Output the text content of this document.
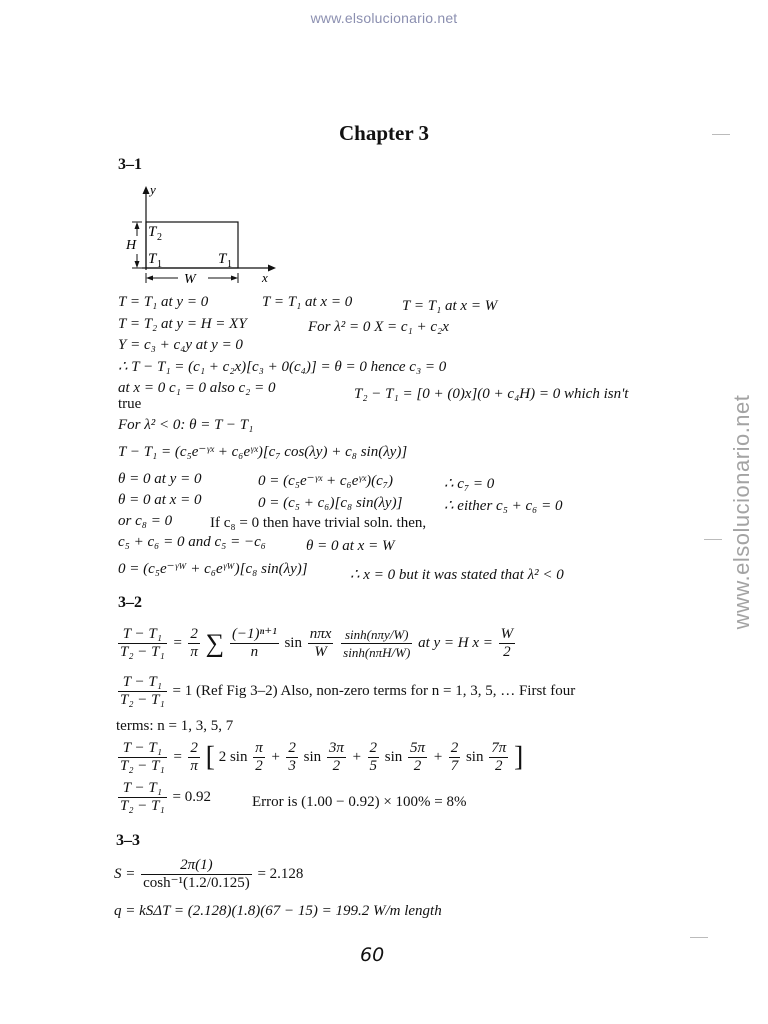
www.elsolucionario.net
www.elsolucionario.net
Chapter 3
3–1
y
x
H
W
T 2
T 1	T 1
T = T₁ at y = 0	T = T₁ at x = 0	T = T₁ at x = W
T = T₂ at y = H = XY	For λ² = 0 X = c₁ + c₂x
Y = c₃ + c₄y at y = 0
∴ T − T₁ = (c₁ + c₂x)[c₃ + 0(c₄)] = θ = 0 hence c₃ = 0
at x = 0 c₁ = 0 also c₂ = 0	T₂ − T₁ = [0 + (0)x](0 + c₄H) = 0 which isn't
true
For λ² < 0: θ = T − T₁
T − T₁ = (c₅e⁻ᵞˣ + c₆eᵞˣ)[c₇ cos(λy) + c₈ sin(λy)]
θ = 0 at y = 0	0 = (c₅e⁻ᵞˣ + c₆eᵞˣ)(c₇)	∴ c₇ = 0
θ = 0 at x = 0	0 = (c₅ + c₆)[c₈ sin(λy)]	∴ either c₅ + c₆ = 0
or c₈ = 0	If c₈ = 0 then have trivial soln. then,
c₅ + c₆ = 0 and c₅ = −c₆	θ = 0 at x = W
0 = (c₅e⁻ᵞᵂ + c₆eᵞᵂ)[c₈ sin(λy)]	∴ x = 0 but it was stated that λ² < 0
3–2
$\frac{\text{T − T₁}}{\text{T₂ − T₁}} = \frac{2}{\pi}$ ∑ $\frac{\text{(−1)ⁿ⁺¹}}{n}$ $\sin \frac{\text{nπx}}{W}$
$\frac{\text{sinh(nπy/W)}}{\text{sinh(nπH/W)}}$ at y = H $x = \frac{W}{2}$
$\frac{\text{T − T₁}}{\text{T₂ − T₁}} = 1$ (Ref Fig 3–2) Also, non-zero terms for n = 1, 3, 5, … First four
terms: n = 1, 3, 5, 7
$\frac{\text{T − T₁}}{\text{T₂ − T₁}} = \frac{2}{\pi}$ [ 2 $\sin \frac{\pi}{2} + \frac{2}{3}$ $\sin \frac{3\pi}{2} + \frac{2}{5}$ $\sin \frac{5\pi}{2} + \frac{2}{7}$ $\sin \frac{7\pi}{2}$ ]
$\frac{\text{T − T₁}}{\text{T₂ − T₁}} = 0.92$	Error is (1.00 − 0.92) × 100% = 8%
3–3
$S = \frac{2\pi(1)}{\text{cosh⁻¹(1.2/0.125)}} = 2.128$
q = kSΔT = (2.128)(1.8)(67 − 15) = 199.2 W/m length
60
